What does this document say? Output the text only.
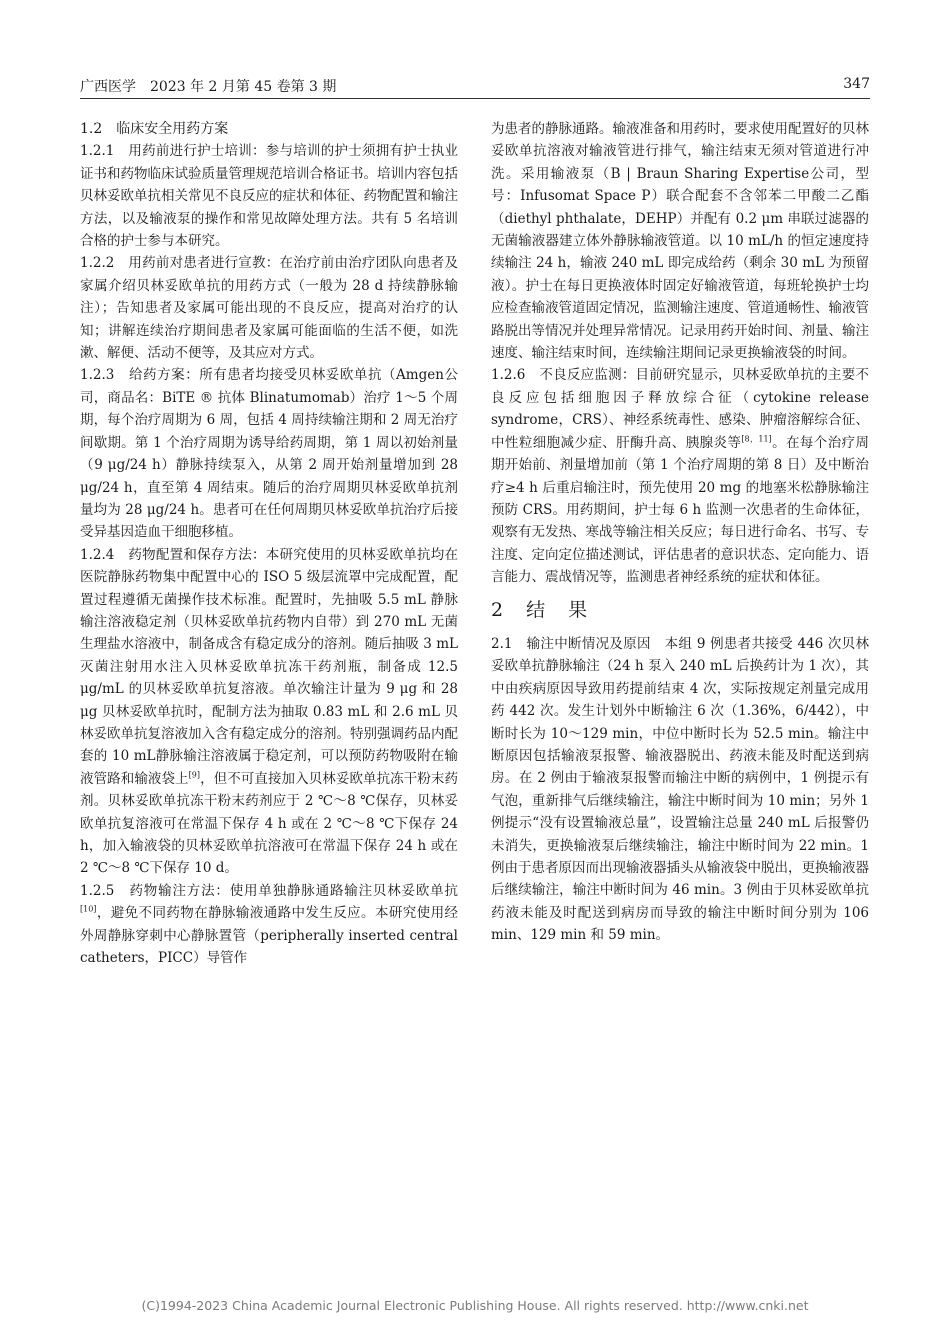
广西医学　2023 年 2 月第 45 卷第 3 期	347

1.2　临床安全用药方案

1.2.1　用药前进行护士培训：参与培训的护士须拥有护士执业证书和药物临床试验质量管理规范培训合格证书。培训内容包括贝林妥欧单抗相关常见不良反应的症状和体征、药物配置和输注方法，以及输液泵的操作和常见故障处理方法。共有 5 名培训合格的护士参与本研究。

1.2.2　用药前对患者进行宣教：在治疗前由治疗团队向患者及家属介绍贝林妥欧单抗的用药方式（一般为 28 d 持续静脉输注）；告知患者及家属可能出现的不良反应，提高对治疗的认知；讲解连续治疗期间患者及家属可能面临的生活不便，如洗漱、解便、活动不便等，及其应对方式。

1.2.3　给药方案：所有患者均接受贝林妥欧单抗（Amgen公司，商品名：BiTE ® 抗体 Blinatumomab）治疗 1～5 个周期，每个治疗周期为 6 周，包括 4 周持续输注期和 2 周无治疗间歇期。第 1 个治疗周期为诱导给药周期，第 1 周以初始剂量（9 μg/24 h）静脉持续泵入，从第 2 周开始剂量增加到 28 μg/24 h，直至第 4 周结束。随后的治疗周期贝林妥欧单抗剂量均为 28 μg/24 h。患者可在任何周期贝林妥欧单抗治疗后接受异基因造血干细胞移植。

1.2.4　药物配置和保存方法：本研究使用的贝林妥欧单抗均在医院静脉药物集中配置中心的 ISO 5 级层流罩中完成配置，配置过程遵循无菌操作技术标准。配置时，先抽吸 5.5 mL 静脉输注溶液稳定剂（贝林妥欧单抗药物内自带）到 270 mL 无菌生理盐水溶液中，制备成含有稳定成分的溶剂。随后抽吸 3 mL 灭菌注射用水注入贝林妥欧单抗冻干药剂瓶，制备成 12.5 μg/mL 的贝林妥欧单抗复溶液。单次输注计量为 9 μg 和 28 μg 贝林妥欧单抗时，配制方法为抽取 0.83 mL 和 2.6 mL 贝林妥欧单抗复溶液加入含有稳定成分的溶剂。特别强调药品内配套的 10 mL静脉输注溶液属于稳定剂，可以预防药物吸附在输液管路和输液袋上[9]，但不可直接加入贝林妥欧单抗冻干粉末药剂。贝林妥欧单抗冻干粉末药剂应于 2 ℃～8 ℃保存，贝林妥欧单抗复溶液可在常温下保存 4 h 或在 2 ℃～8 ℃下保存 24 h，加入输液袋的贝林妥欧单抗溶液可在常温下保存 24 h 或在 2 ℃～8 ℃下保存 10 d。

1.2.5　药物输注方法：使用单独静脉通路输注贝林妥欧单抗[10]，避免不同药物在静脉输液通路中发生反应。本研究使用经外周静脉穿刺中心静脉置管（peripherally inserted central catheters，PICC）导管作

为患者的静脉通路。输液准备和用药时，要求使用配置好的贝林妥欧单抗溶液对输液管进行排气，输注结束无须对管道进行冲洗。采用输液泵（B | Braun Sharing Expertise公司，型号：Infusomat Space P）联合配套不含邻苯二甲酸二乙酯（diethyl phthalate，DEHP）并配有 0.2 μm 串联过滤器的无菌输液器建立体外静脉输液管道。以 10 mL/h 的恒定速度持续输注 24 h，输液 240 mL 即完成给药（剩余 30 mL 为预留液）。护士在每日更换液体时固定好输液管道，每班轮换护士均应检查输液管道固定情况，监测输注速度、管道通畅性、输液管路脱出等情况并处理异常情况。记录用药开始时间、剂量、输注速度、输注结束时间，连续输注期间记录更换输液袋的时间。

1.2.6　不良反应监测：目前研究显示，贝林妥欧单抗的主要不良反应包括细胞因子释放综合征（cytokine release syndrome，CRS）、神经系统毒性、感染、肿瘤溶解综合征、中性粒细胞减少症、肝酶升高、胰腺炎等[8，11]。在每个治疗周期开始前、剂量增加前（第 1 个治疗周期的第 8 日）及中断治疗≥4 h 后重启输注时，预先使用 20 mg 的地塞米松静脉输注预防 CRS。用药期间，护士每 6 h 监测一次患者的生命体征，观察有无发热、寒战等输注相关反应；每日进行命名、书写、专注度、定向定位描述测试，评估患者的意识状态、定向能力、语言能力、震战情况等，监测患者神经系统的症状和体征。

2　结　果

2.1　输注中断情况及原因　本组 9 例患者共接受 446 次贝林妥欧单抗静脉输注（24 h 泵入 240 mL 后换药计为 1 次），其中由疾病原因导致用药提前结束 4 次，实际按规定剂量完成用药 442 次。发生计划外中断输注 6 次（1.36%，6/442），中断时长为 10～129 min，中位中断时长为 52.5 min。输注中断原因包括输液泵报警、输液器脱出、药液未能及时配送到病房。在 2 例由于输液泵报警而输注中断的病例中，1 例提示有气泡，重新排气后继续输注，输注中断时间为 10 min；另外 1 例提示“没有设置输液总量”，设置输注总量 240 mL 后报警仍未消失，更换输液泵后继续输注，输注中断时间为 22 min。1 例由于患者原因而出现输液器插头从输液袋中脱出，更换输液器后继续输注，输注中断时间为 46 min。3 例由于贝林妥欧单抗药液未能及时配送到病房而导致的输注中断时间分别为 106 min、129 min 和 59 min。

(C)1994-2023 China Academic Journal Electronic Publishing House. All rights reserved. http://www.cnki.net
